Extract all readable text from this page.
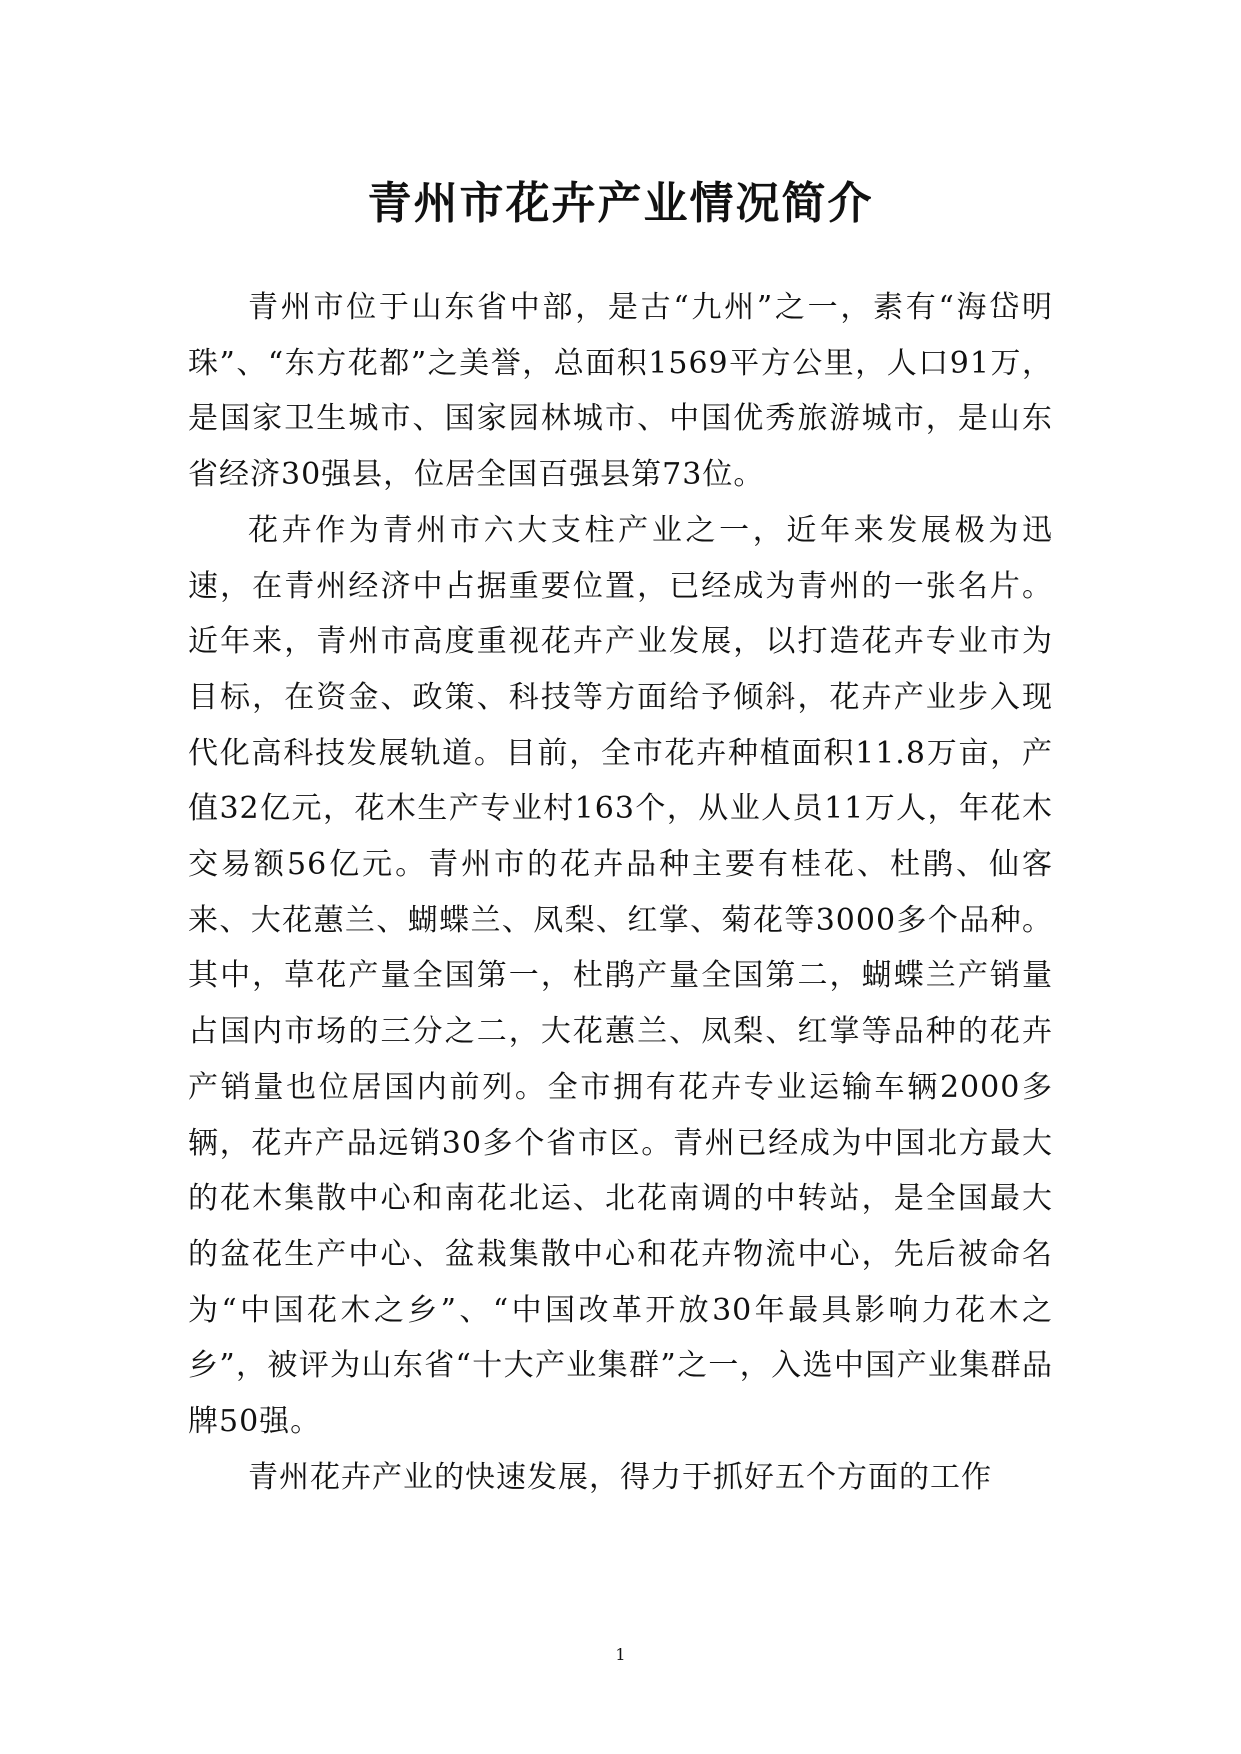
青州市花卉产业情况简介

青州市位于山东省中部，是古“九州”之一，素有“海岱明珠”、“东方花都”之美誉，总面积1569平方公里，人口91万，是国家卫生城市、国家园林城市、中国优秀旅游城市，是山东省经济30强县，位居全国百强县第73位。

花卉作为青州市六大支柱产业之一，近年来发展极为迅速，在青州经济中占据重要位置，已经成为青州的一张名片。近年来，青州市高度重视花卉产业发展，以打造花卉专业市为目标，在资金、政策、科技等方面给予倾斜，花卉产业步入现代化高科技发展轨道。目前，全市花卉种植面积11.8万亩，产值32亿元，花木生产专业村163个，从业人员11万人，年花木交易额56亿元。青州市的花卉品种主要有桂花、杜鹃、仙客来、大花蕙兰、蝴蝶兰、凤梨、红掌、菊花等3000多个品种。其中，草花产量全国第一，杜鹃产量全国第二，蝴蝶兰产销量占国内市场的三分之二，大花蕙兰、凤梨、红掌等品种的花卉产销量也位居国内前列。全市拥有花卉专业运输车辆2000多辆，花卉产品远销30多个省市区。青州已经成为中国北方最大的花木集散中心和南花北运、北花南调的中转站，是全国最大的盆花生产中心、盆栽集散中心和花卉物流中心，先后被命名为“中国花木之乡”、“中国改革开放30年最具影响力花木之乡”，被评为山东省“十大产业集群”之一，入选中国产业集群品牌50强。

青州花卉产业的快速发展，得力于抓好五个方面的工作

1
